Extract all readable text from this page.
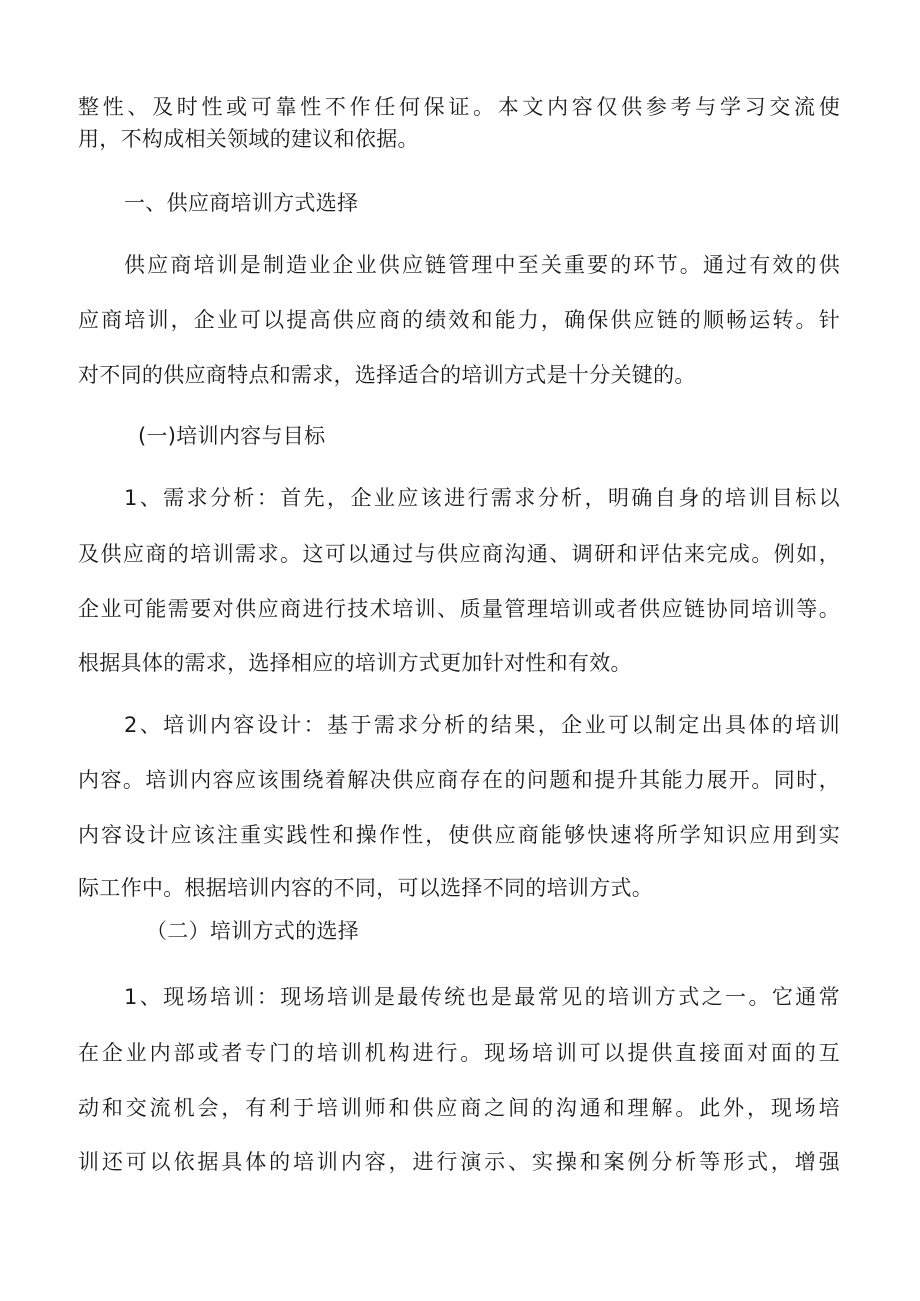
整性、及时性或可靠性不作任何保证。本文内容仅供参考与学习交流使
用，不构成相关领域的建议和依据。
一、供应商培训方式选择
供应商培训是制造业企业供应链管理中至关重要的环节。通过有效的供
应商培训，企业可以提高供应商的绩效和能力，确保供应链的顺畅运转。针
对不同的供应商特点和需求，选择适合的培训方式是十分关键的。
(一)培训内容与目标
1、需求分析：首先，企业应该进行需求分析，明确自身的培训目标以
及供应商的培训需求。这可以通过与供应商沟通、调研和评估来完成。例如，
企业可能需要对供应商进行技术培训、质量管理培训或者供应链协同培训等。
根据具体的需求，选择相应的培训方式更加针对性和有效。
2、培训内容设计：基于需求分析的结果，企业可以制定出具体的培训
内容。培训内容应该围绕着解决供应商存在的问题和提升其能力展开。同时，
内容设计应该注重实践性和操作性，使供应商能够快速将所学知识应用到实
际工作中。根据培训内容的不同，可以选择不同的培训方式。
（二）培训方式的选择
1、现场培训：现场培训是最传统也是最常见的培训方式之一。它通常
在企业内部或者专门的培训机构进行。现场培训可以提供直接面对面的互
动和交流机会，有利于培训师和供应商之间的沟通和理解。此外，现场培
训还可以依据具体的培训内容，进行演示、实操和案例分析等形式，增强
